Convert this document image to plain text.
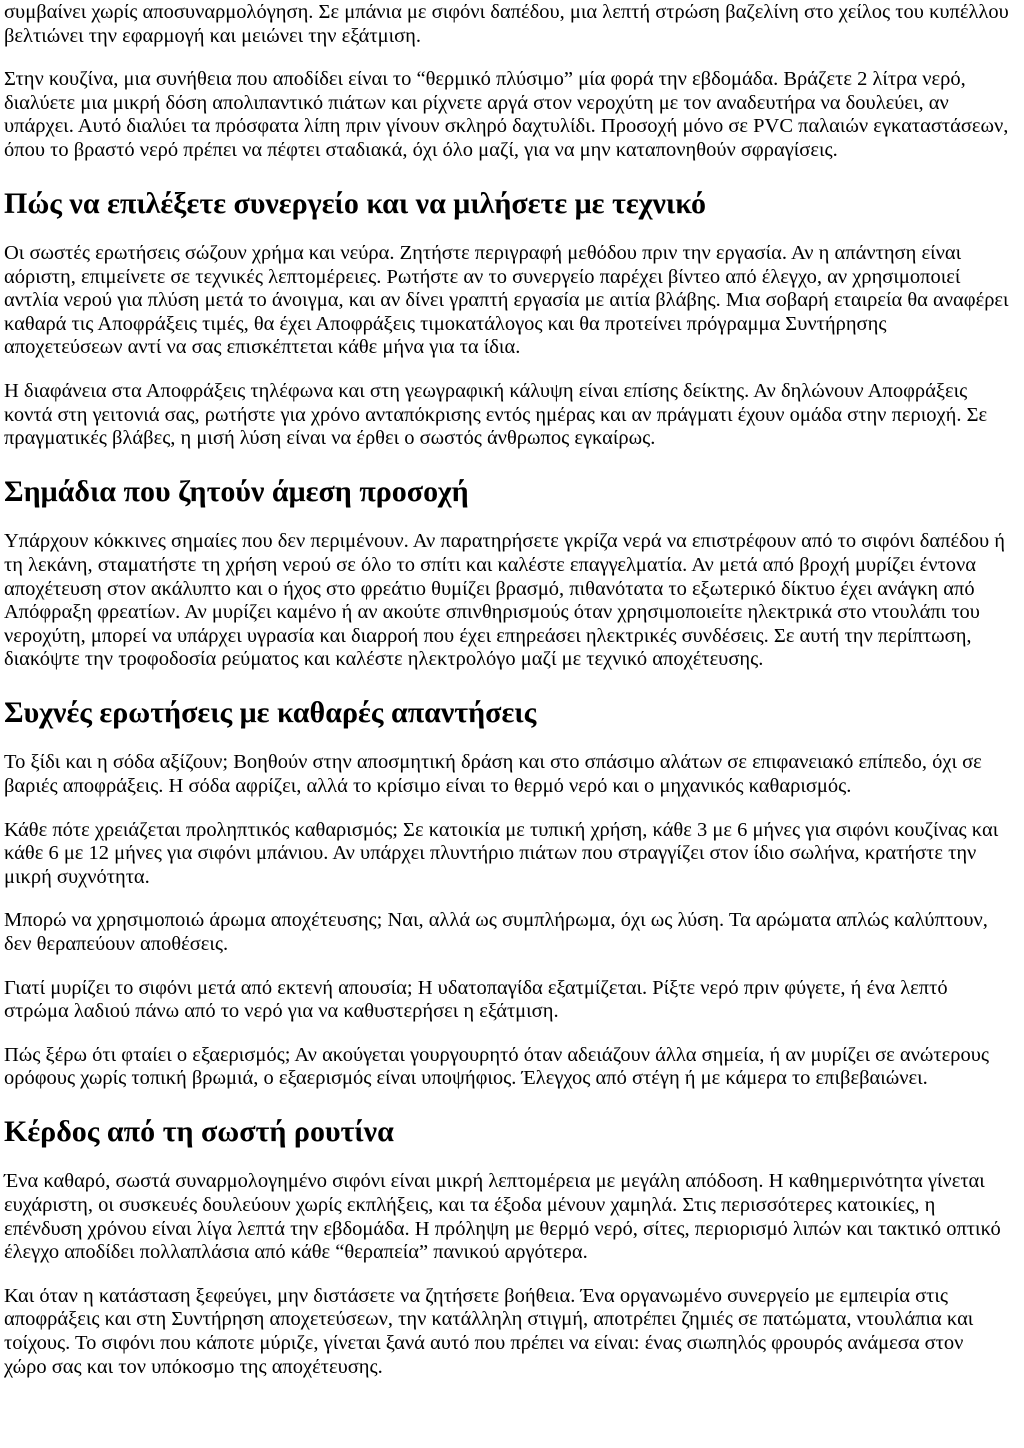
συμβαίνει χωρίς αποσυναρμολόγηση. Σε μπάνια με σιφόνι δαπέδου, μια λεπτή στρώση βαζελίνη στο χείλος του κυπέλλου βελτιώνει την εφαρμογή και μειώνει την εξάτμιση.

Στην κουζίνα, μια συνήθεια που αποδίδει είναι το “θερμικό πλύσιμο” μία φορά την εβδομάδα. Βράζετε 2 λίτρα νερό, διαλύετε μια μικρή δόση απολιπαντικό πιάτων και ρίχνετε αργά στον νεροχύτη με τον αναδευτήρα να δουλεύει, αν υπάρχει. Αυτό διαλύει τα πρόσφατα λίπη πριν γίνουν σκληρό δαχτυλίδι. Προσοχή μόνο σε PVC παλαιών εγκαταστάσεων, όπου το βραστό νερό πρέπει να πέφτει σταδιακά, όχι όλο μαζί, για να μην καταπονηθούν σφραγίσεις.

Πώς να επιλέξετε συνεργείο και να μιλήσετε με τεχνικό

Οι σωστές ερωτήσεις σώζουν χρήμα και νεύρα. Ζητήστε περιγραφή μεθόδου πριν την εργασία. Αν η απάντηση είναι αόριστη, επιμείνετε σε τεχνικές λεπτομέρειες. Ρωτήστε αν το συνεργείο παρέχει βίντεο από έλεγχο, αν χρησιμοποιεί αντλία νερού για πλύση μετά το άνοιγμα, και αν δίνει γραπτή εργασία με αιτία βλάβης. Μια σοβαρή εταιρεία θα αναφέρει καθαρά τις Αποφράξεις τιμές, θα έχει Αποφράξεις τιμοκατάλογος και θα προτείνει πρόγραμμα Συντήρησης αποχετεύσεων αντί να σας επισκέπτεται κάθε μήνα για τα ίδια.

Η διαφάνεια στα Αποφράξεις τηλέφωνα και στη γεωγραφική κάλυψη είναι επίσης δείκτης. Αν δηλώνουν Αποφράξεις κοντά στη γειτονιά σας, ρωτήστε για χρόνο ανταπόκρισης εντός ημέρας και αν πράγματι έχουν ομάδα στην περιοχή. Σε πραγματικές βλάβες, η μισή λύση είναι να έρθει ο σωστός άνθρωπος εγκαίρως.

Σημάδια που ζητούν άμεση προσοχή

Υπάρχουν κόκκινες σημαίες που δεν περιμένουν. Αν παρατηρήσετε γκρίζα νερά να επιστρέφουν από το σιφόνι δαπέδου ή τη λεκάνη, σταματήστε τη χρήση νερού σε όλο το σπίτι και καλέστε επαγγελματία. Αν μετά από βροχή μυρίζει έντονα αποχέτευση στον ακάλυπτο και ο ήχος στο φρεάτιο θυμίζει βρασμό, πιθανότατα το εξωτερικό δίκτυο έχει ανάγκη από Απόφραξη φρεατίων. Αν μυρίζει καμένο ή αν ακούτε σπινθηρισμούς όταν χρησιμοποιείτε ηλεκτρικά στο ντουλάπι του νεροχύτη, μπορεί να υπάρχει υγρασία και διαρροή που έχει επηρεάσει ηλεκτρικές συνδέσεις. Σε αυτή την περίπτωση, διακόψτε την τροφοδοσία ρεύματος και καλέστε ηλεκτρολόγο μαζί με τεχνικό αποχέτευσης.

Συχνές ερωτήσεις με καθαρές απαντήσεις

Το ξίδι και η σόδα αξίζουν; Βοηθούν στην αποσμητική δράση και στο σπάσιμο αλάτων σε επιφανειακό επίπεδο, όχι σε βαριές αποφράξεις. Η σόδα αφρίζει, αλλά το κρίσιμο είναι το θερμό νερό και ο μηχανικός καθαρισμός.

Κάθε πότε χρειάζεται προληπτικός καθαρισμός; Σε κατοικία με τυπική χρήση, κάθε 3 με 6 μήνες για σιφόνι κουζίνας και κάθε 6 με 12 μήνες για σιφόνι μπάνιου. Αν υπάρχει πλυντήριο πιάτων που στραγγίζει στον ίδιο σωλήνα, κρατήστε την μικρή συχνότητα.

Μπορώ να χρησιμοποιώ άρωμα αποχέτευσης; Ναι, αλλά ως συμπλήρωμα, όχι ως λύση. Τα αρώματα απλώς καλύπτουν, δεν θεραπεύουν αποθέσεις.

Γιατί μυρίζει το σιφόνι μετά από εκτενή απουσία; Η υδατοπαγίδα εξατμίζεται. Ρίξτε νερό πριν φύγετε, ή ένα λεπτό στρώμα λαδιού πάνω από το νερό για να καθυστερήσει η εξάτμιση.

Πώς ξέρω ότι φταίει ο εξαερισμός; Αν ακούγεται γουργουρητό όταν αδειάζουν άλλα σημεία, ή αν μυρίζει σε ανώτερους ορόφους χωρίς τοπική βρωμιά, ο εξαερισμός είναι υποψήφιος. Έλεγχος από στέγη ή με κάμερα το επιβεβαιώνει.

Κέρδος από τη σωστή ρουτίνα

Ένα καθαρό, σωστά συναρμολογημένο σιφόνι είναι μικρή λεπτομέρεια με μεγάλη απόδοση. Η καθημερινότητα γίνεται ευχάριστη, οι συσκευές δουλεύουν χωρίς εκπλήξεις, και τα έξοδα μένουν χαμηλά. Στις περισσότερες κατοικίες, η επένδυση χρόνου είναι λίγα λεπτά την εβδομάδα. Η πρόληψη με θερμό νερό, σίτες, περιορισμό λιπών και τακτικό οπτικό έλεγχο αποδίδει πολλαπλάσια από κάθε “θεραπεία” πανικού αργότερα.

Και όταν η κατάσταση ξεφεύγει, μην διστάσετε να ζητήσετε βοήθεια. Ένα οργανωμένο συνεργείο με εμπειρία στις αποφράξεις και στη Συντήρηση αποχετεύσεων, την κατάλληλη στιγμή, αποτρέπει ζημιές σε πατώματα, ντουλάπια και τοίχους. Το σιφόνι που κάποτε μύριζε, γίνεται ξανά αυτό που πρέπει να είναι: ένας σιωπηλός φρουρός ανάμεσα στον χώρο σας και τον υπόκοσμο της αποχέτευσης.
